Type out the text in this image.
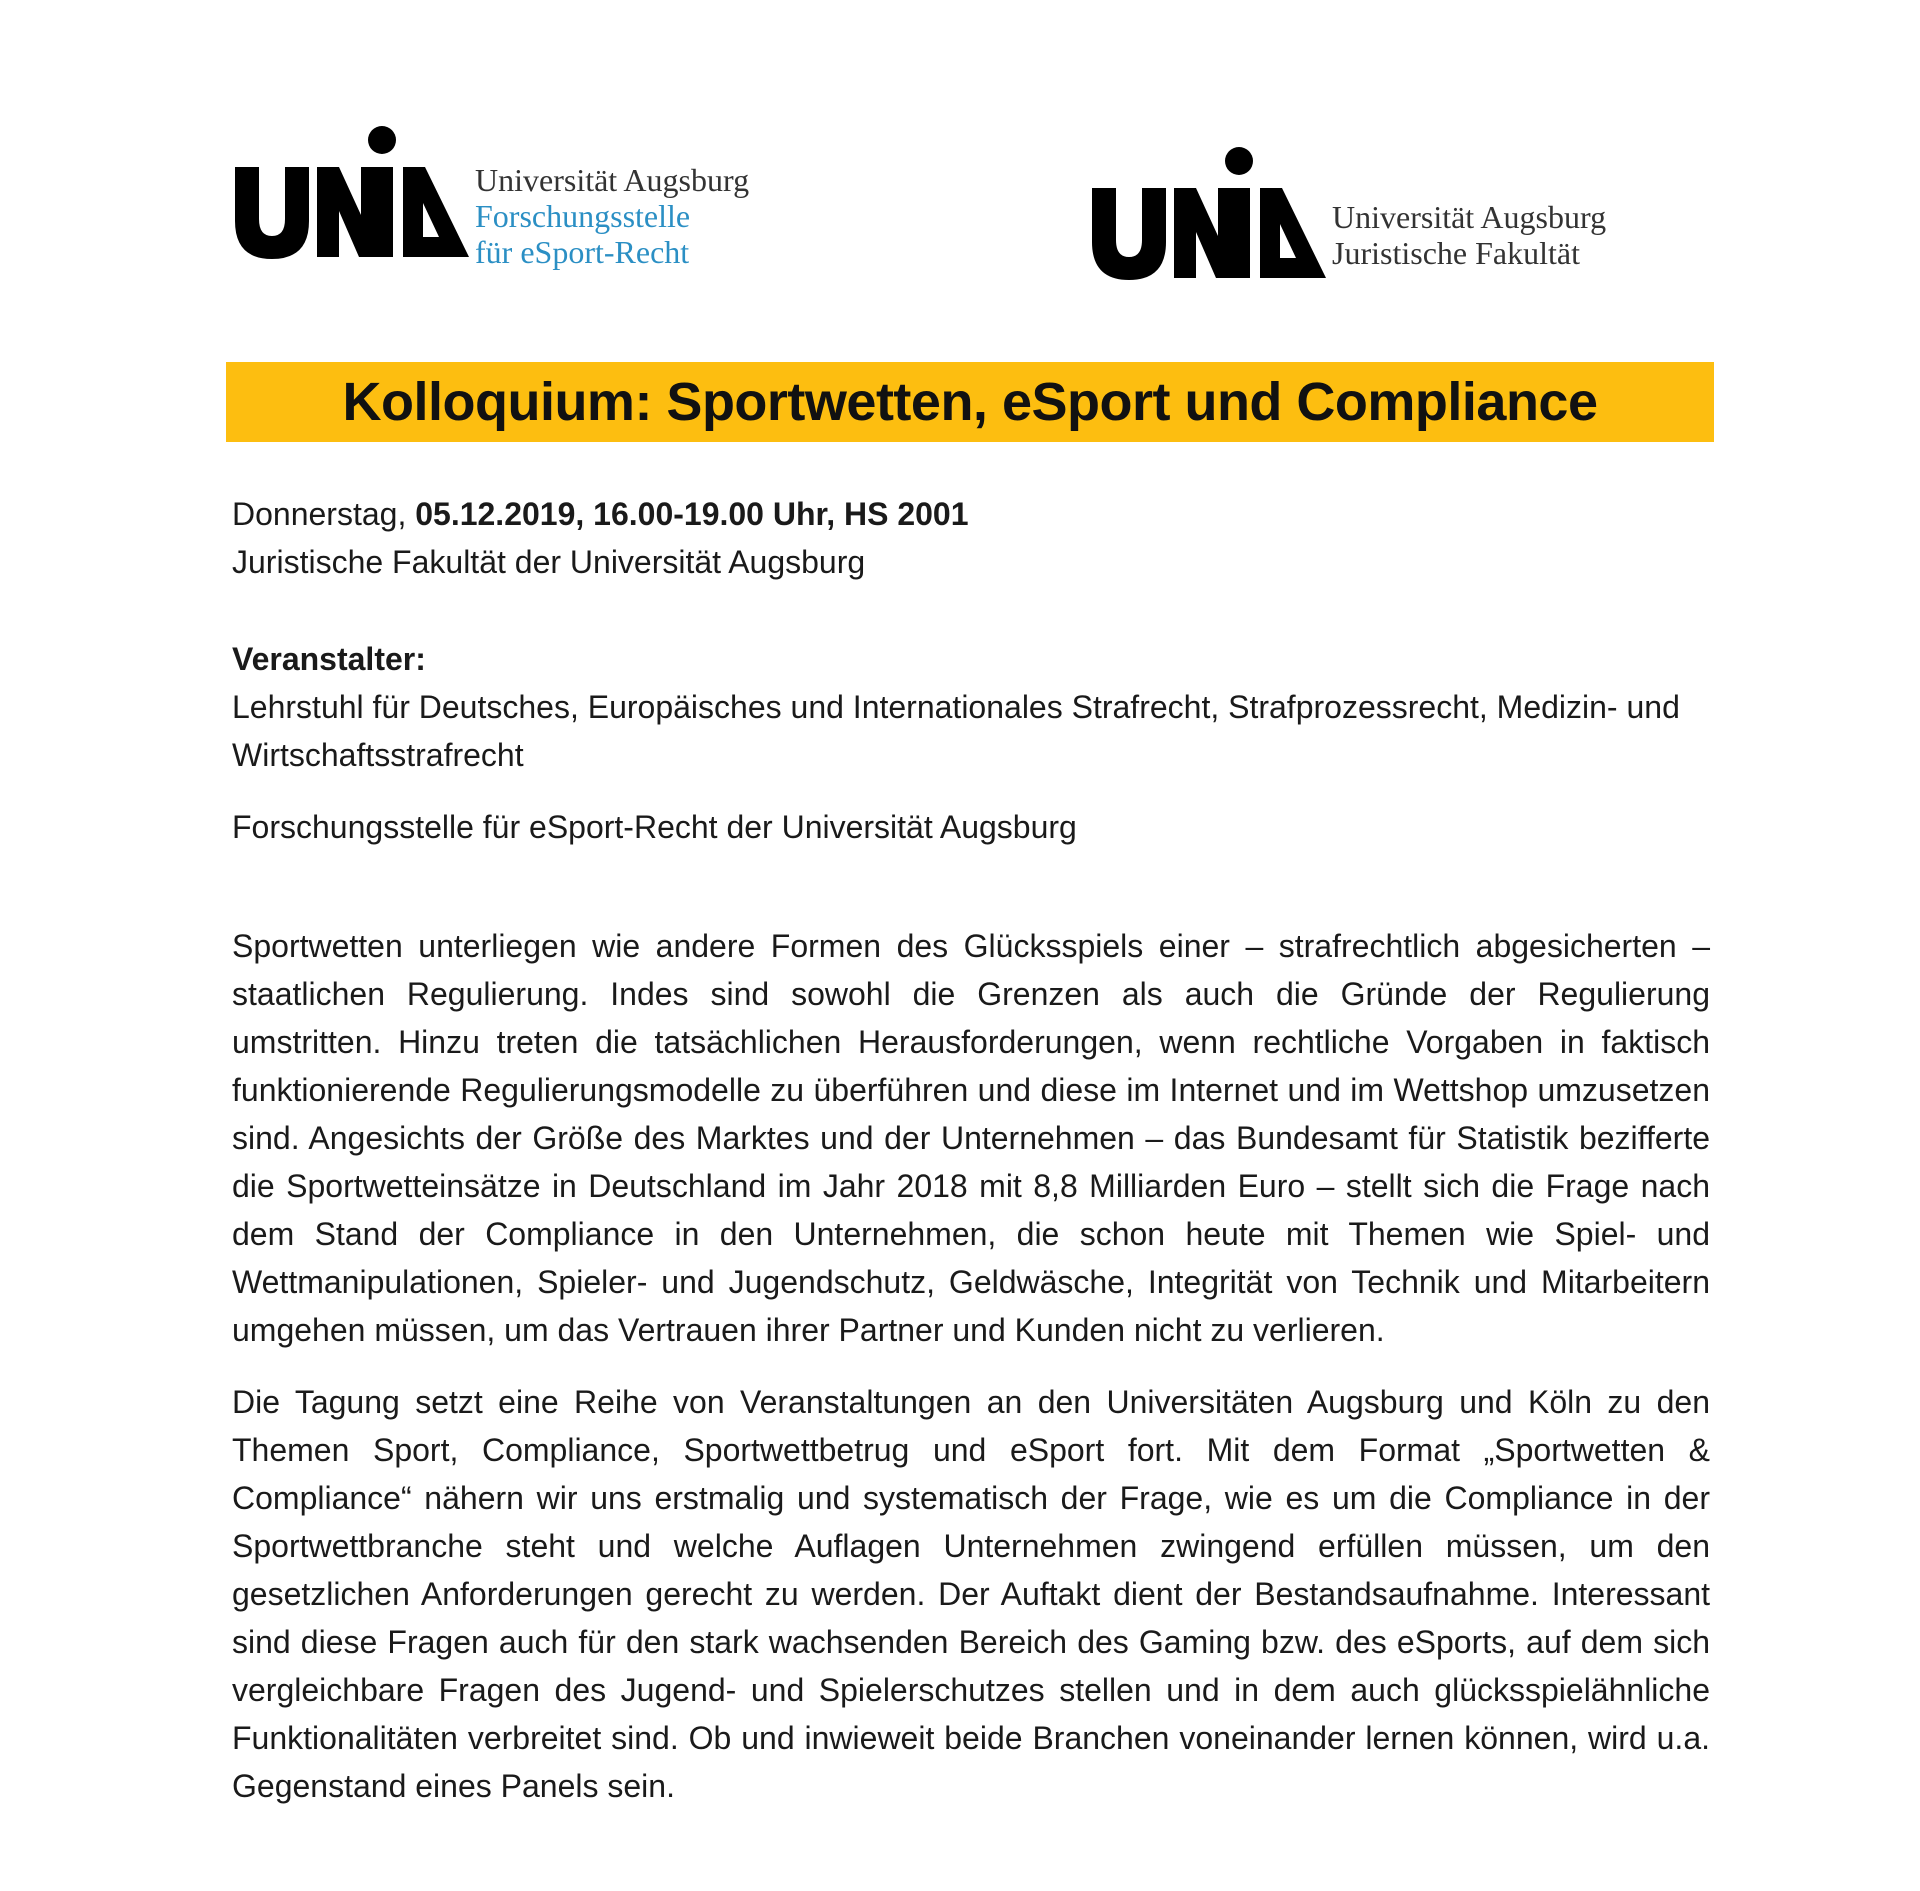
Universität Augsburg
Forschungsstelle
für eSport-Recht
Universität Augsburg
Juristische Fakultät
Kolloquium: Sportwetten, eSport und Compliance
Donnerstag, 05.12.2019, 16.00-19.00 Uhr, HS 2001
Juristische Fakultät der Universität Augsburg
Veranstalter:

Lehrstuhl für Deutsches, Europäisches und Internationales Strafrecht, Strafprozessrecht, Medizin- und Wirtschaftsstrafrecht

Forschungsstelle für eSport-Recht der Universität Augsburg

Sportwetten unterliegen wie andere Formen des Glücksspiels einer – strafrechtlich abgesicherten – staatlichen Regulierung. Indes sind sowohl die Grenzen als auch die Gründe der Regulierung umstritten. Hinzu treten die tatsächlichen Herausforderungen, wenn rechtliche Vorgaben in faktisch funktionierende Regulierungsmodelle zu überführen und diese im Internet und im Wettshop umzusetzen sind. Angesichts der Größe des Marktes und der Unternehmen – das Bundesamt für Statistik bezifferte die Sportwetteinsätze in Deutschland im Jahr 2018 mit 8,8 Milliarden Euro – stellt sich die Frage nach dem Stand der Compliance in den Unternehmen, die schon heute mit Themen wie Spiel- und Wettmanipulationen, Spieler- und Jugendschutz, Geldwäsche, Integrität von Technik und Mitarbeitern umgehen müssen, um das Vertrauen ihrer Partner und Kunden nicht zu verlieren.

Die Tagung setzt eine Reihe von Veranstaltungen an den Universitäten Augsburg und Köln zu den Themen Sport, Compliance, Sportwettbetrug und eSport fort. Mit dem Format „Sportwetten & Compliance“ nähern wir uns erstmalig und systematisch der Frage, wie es um die Compliance in der Sportwettbranche steht und welche Auflagen Unternehmen zwingend erfüllen müssen, um den gesetzlichen Anforderungen gerecht zu werden. Der Auftakt dient der Bestandsaufnahme. Interessant sind diese Fragen auch für den stark wachsenden Bereich des Gaming bzw. des eSports, auf dem sich vergleichbare Fragen des Jugend- und Spielerschutzes stellen und in dem auch glücksspielähnliche Funktionalitäten verbreitet sind. Ob und inwieweit beide Branchen voneinander lernen können, wird u.a. Gegenstand eines Panels sein.
